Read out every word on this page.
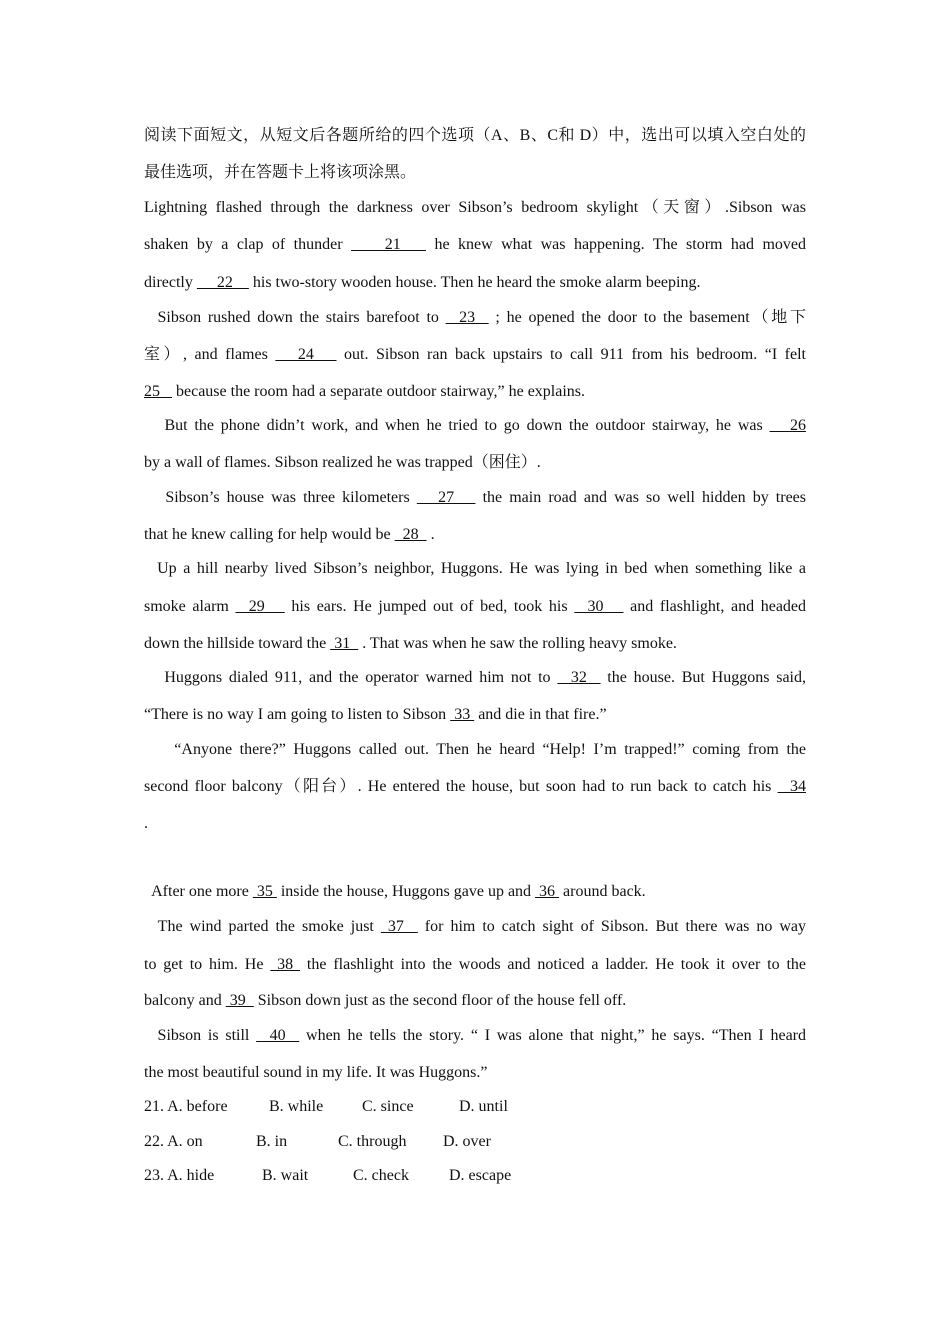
阅读下面短文，从短文后各题所给的四个选项（A、B、C和 D）中，选出可以填入空白处的
最佳选项，并在答题卡上将该项涂黑。
Lightning flashed through the darkness over Sibson’s bedroom skylight（天窗）.Sibson was
shaken by a clap of thunder     21    he knew what was happening. The storm had moved
directly      22     his two-story wooden house. Then he heard the smoke alarm beeping.
Sibson rushed down the stairs barefoot to   23   ; he opened the door to the basement（地下
室）, and flames    24    out. Sibson ran back upstairs to call 911 from his bedroom. “I felt
25    because the room had a separate outdoor stairway,” he explains.
But the phone didn’t work, and when he tried to go down the outdoor stairway, he was    26
by a wall of flames. Sibson realized he was trapped（困住）.
Sibson’s house was three kilometers    27    the main road and was so well hidden by trees
that he knew calling for help would be   28   .
Up a hill nearby lived Sibson’s neighbor, Huggons. He was lying in bed when something like a
smoke alarm   29    his ears. He jumped out of bed, took his   30    and flashlight, and headed
down the hillside toward the  31   . That was when he saw the rolling heavy smoke.
Huggons dialed 911, and the operator warned him not to   32   the house. But Huggons said,
“There is no way I am going to listen to Sibson  33  and die in that fire.”
“Anyone there?” Huggons called out. Then he heard “Help! I’m trapped!” coming from the
second floor balcony（阳台）. He entered the house, but soon had to run back to catch his   34
.
After one more  35  inside the house, Huggons gave up and  36  around back.
The wind parted the smoke just  37   for him to catch sight of Sibson. But there was no way
to get to him. He  38  the flashlight into the woods and noticed a ladder. He took it over to the
balcony and  39   Sibson down just as the second floor of the house fell off.
Sibson is still   40   when he tells the story. “ I was alone that night,” he says. “Then I heard
the most beautiful sound in my life. It was Huggons.”
21. A. before	B. while C. since	D. until
22. A. on	B. in	C. through D. over
23. A. hide	B. wait	C. check	D. escape
